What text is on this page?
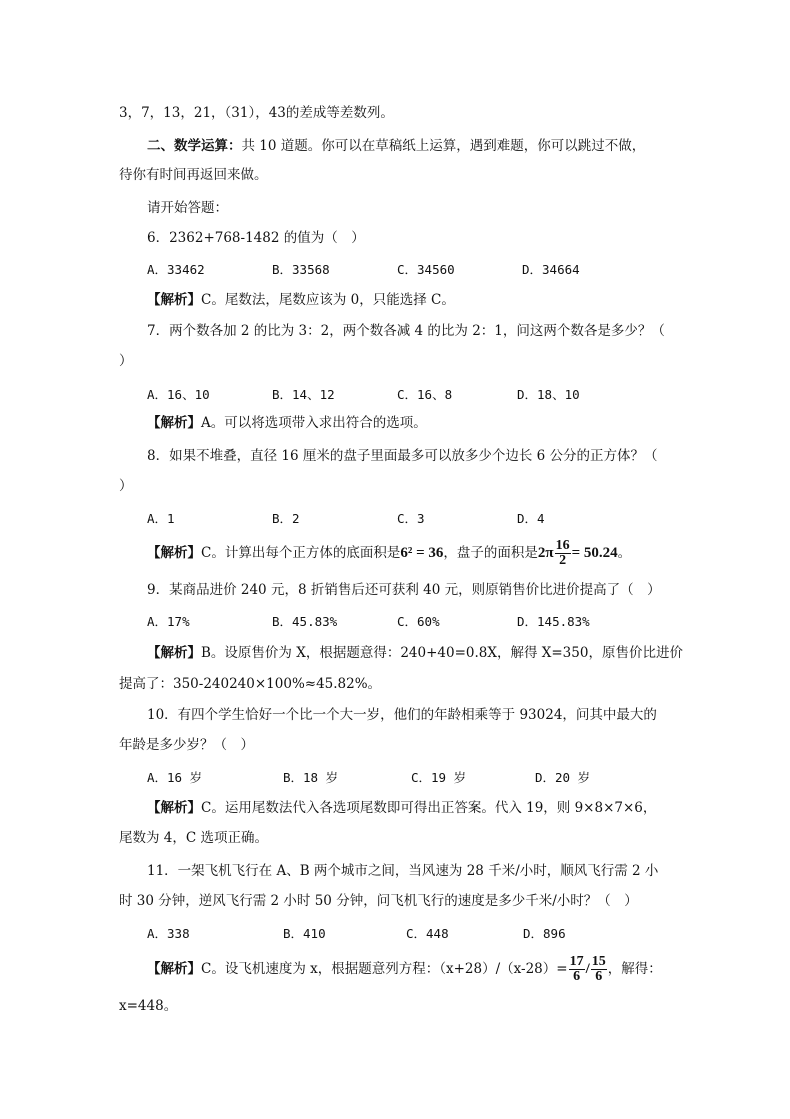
3，7，13，21，（31），43的差成等差数列。
二、数学运算：共 10 道题。你可以在草稿纸上运算，遇到难题，你可以跳过不做，
待你有时间再返回来做。
请开始答题：
6．2362+768-1482 的值为（　）
A．33462	B．33568	C．34560	D．34664
【解析】C。尾数法，尾数应该为 0，只能选择 C。
7．两个数各加 2 的比为 3：2，两个数各减 4 的比为 2：1，问这两个数各是多少？（
）
A．16、10	B．14、12	C．16、8	D．18、10
【解析】A。可以将选项带入求出符合的选项。
8．如果不堆叠，直径 16 厘米的盘子里面最多可以放多少个边长 6 公分的正方体？（
）
A．1	B．2	C．3	D．4
【解析】C。计算出每个正方体的底面积是6² = 36，盘子的面积是$2\pi \frac{16}{2} = 50.24$。
9．某商品进价 240 元，8 折销售后还可获利 40 元，则原销售价比进价提高了（　）
A．17%	B．45.83%	C．60%	D．145.83%
【解析】B。设原售价为 X，根据题意得：240+40=0.8X，解得 X=350，原售价比进价
提高了：350-240240×100%≈45.82%。
10．有四个学生恰好一个比一个大一岁，他们的年龄相乘等于 93024，问其中最大的
年龄是多少岁？（　）
A．16 岁	B．18 岁	C．19 岁	D．20 岁
【解析】C。运用尾数法代入各选项尾数即可得出正答案。代入 19，则 9×8×7×6，
尾数为 4，C 选项正确。
11．一架飞机飞行在 A、B 两个城市之间，当风速为 28 千米/小时，顺风飞行需 2 小
时 30 分钟，逆风飞行需 2 小时 50 分钟，问飞机飞行的速度是多少千米/小时？（　）
A．338	B．410	C．448	D．896
【解析】C。设飞机速度为 x，根据题意列方程：$(x+28)/(x-28)= \frac{17}{6} / \frac{15}{6}$ ，解得：
x=448。
